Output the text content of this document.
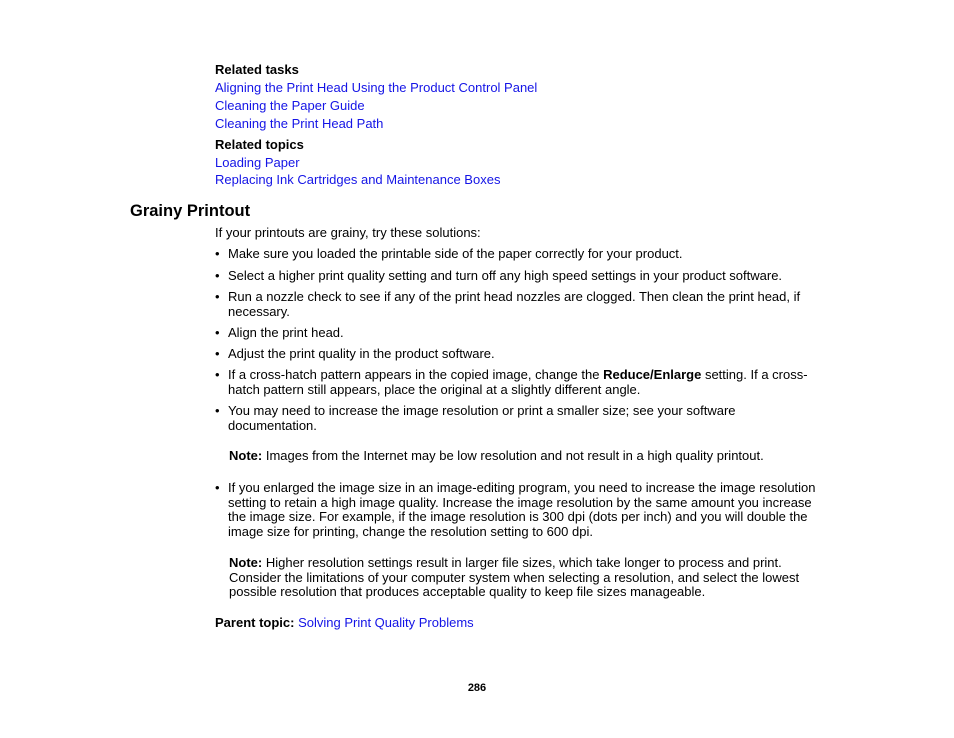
Related tasks
Aligning the Print Head Using the Product Control Panel
Cleaning the Paper Guide
Cleaning the Print Head Path
Related topics
Loading Paper
Replacing Ink Cartridges and Maintenance Boxes
Grainy Printout
If your printouts are grainy, try these solutions:
• Make sure you loaded the printable side of the paper correctly for your product.
• Select a higher print quality setting and turn off any high speed settings in your product software.
• Run a nozzle check to see if any of the print head nozzles are clogged. Then clean the print head, if
necessary.
• Align the print head.
• Adjust the print quality in the product software.
• If a cross-hatch pattern appears in the copied image, change the Reduce/Enlarge setting. If a cross-
hatch pattern still appears, place the original at a slightly different angle.
• You may need to increase the image resolution or print a smaller size; see your software
documentation.
• If you enlarged the image size in an image-editing program, you need to increase the image resolution
setting to retain a high image quality. Increase the image resolution by the same amount you increase
the image size. For example, if the image resolution is 300 dpi (dots per inch) and you will double the
image size for printing, change the resolution setting to 600 dpi.
Note: Images from the Internet may be low resolution and not result in a high quality printout.
Note: Higher resolution settings result in larger file sizes, which take longer to process and print.
Consider the limitations of your computer system when selecting a resolution, and select the lowest
possible resolution that produces acceptable quality to keep file sizes manageable.
Parent topic: Solving Print Quality Problems
286
